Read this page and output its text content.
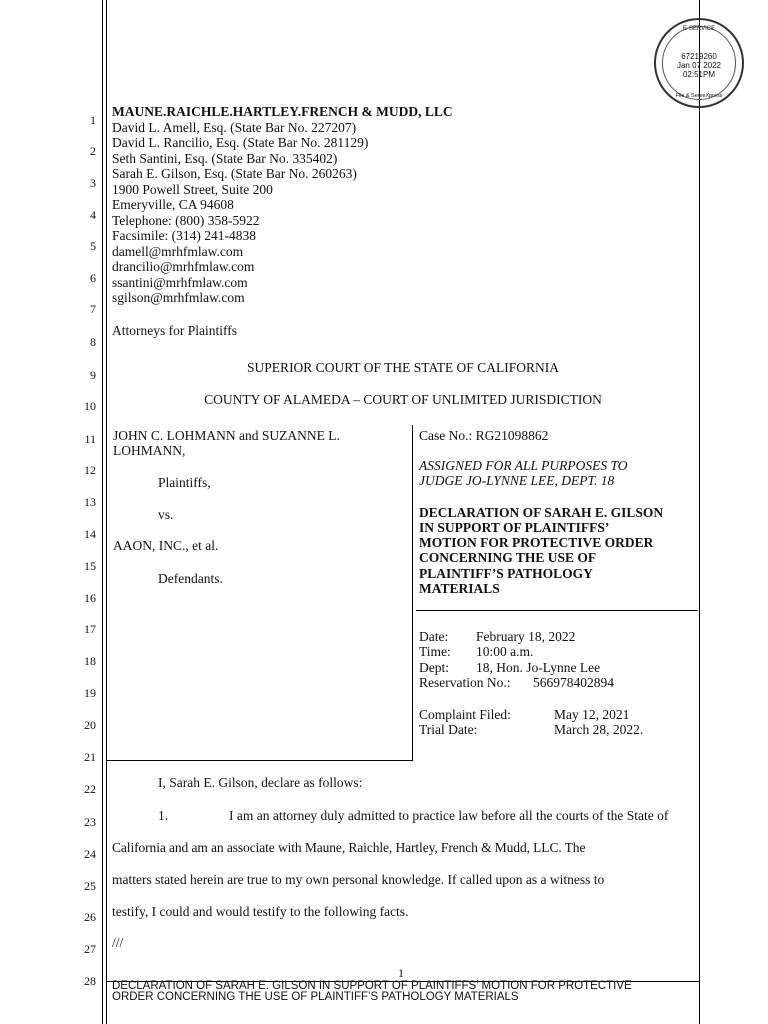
E-SERVICE
67219260
Jan 07 2022
02:51PM
File & ServeXpress
1
2
3
4
5
6
7
8
9
10
11
12
13
14
15
16
17
18
19
20
21
22
23
24
25
26
27
28
MAUNE.RAICHLE.HARTLEY.FRENCH & MUDD, LLC
David L. Amell, Esq. (State Bar No. 227207)
David L. Rancilio, Esq. (State Bar No. 281129)
Seth Santini, Esq. (State Bar No. 335402)
Sarah E. Gilson, Esq. (State Bar No. 260263)
1900 Powell Street, Suite 200
Emeryville, CA 94608
Telephone: (800) 358-5922
Facsimile: (314) 241-4838
damell@mrhfmlaw.com
drancilio@mrhfmlaw.com
ssantini@mrhfmlaw.com
sgilson@mrhfmlaw.com
Attorneys for Plaintiffs
SUPERIOR COURT OF THE STATE OF CALIFORNIA
COUNTY OF ALAMEDA – COURT OF UNLIMITED JURISDICTION
JOHN C. LOHMANN and SUZANNE L.
LOHMANN,
Plaintiffs,
vs.
AAON, INC., et al.
Defendants.
Case No.: RG21098862
ASSIGNED FOR ALL PURPOSES TO
JUDGE JO-LYNNE LEE, DEPT. 18
DECLARATION OF SARAH E. GILSON
IN SUPPORT OF PLAINTIFFS’
MOTION FOR PROTECTIVE ORDER
CONCERNING THE USE OF
PLAINTIFF’S PATHOLOGY
MATERIALS
Date: February 18, 2022
Time: 10:00 a.m.
Dept: 18, Hon. Jo-Lynne Lee
Reservation No.: 566978402894
Complaint Filed:	May 12, 2021
Trial Date:	March 28, 2022.
I, Sarah E. Gilson, declare as follows:
1.	I am an attorney duly admitted to practice law before all the courts of the State of
California and am an associate with Maune, Raichle, Hartley, French & Mudd, LLC. The
matters stated herein are true to my own personal knowledge. If called upon as a witness to
testify, I could and would testify to the following facts.
///
1
DECLARATION OF SARAH E. GILSON IN SUPPORT OF PLAINTIFFS’ MOTION FOR PROTECTIVE
ORDER CONCERNING THE USE OF PLAINTIFF’S PATHOLOGY MATERIALS
